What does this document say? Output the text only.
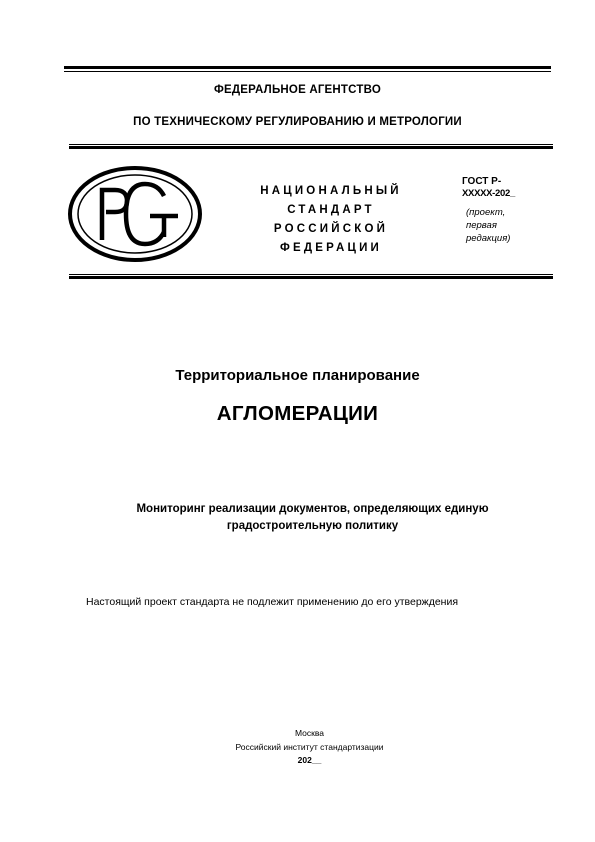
ФЕДЕРАЛЬНОЕ АГЕНТСТВО
ПО ТЕХНИЧЕСКОМУ РЕГУЛИРОВАНИЮ И МЕТРОЛОГИИ
НАЦИОНАЛЬНЫЙ
СТАНДАРТ
РОССИЙСКОЙ
ФЕДЕРАЦИИ
ГОСТ Р-
XXXXX-202_
(проект,
первая
редакция)
Территориальное планирование
АГЛОМЕРАЦИИ
Мониторинг реализации документов, определяющих единую
градостроительную политику
Настоящий проект стандарта не подлежит применению до его утверждения
Москва
Российский институт стандартизации
202__
